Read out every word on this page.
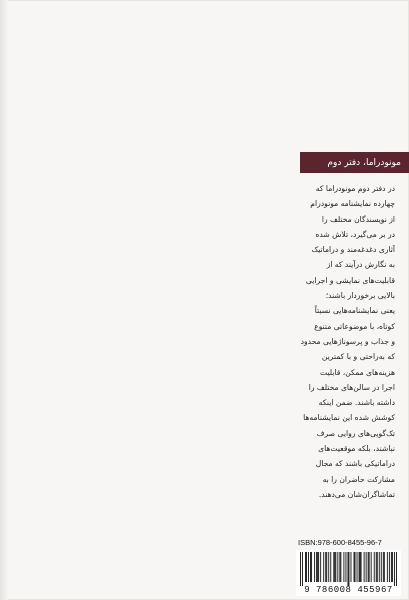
مونودراما، دفتر دوم
در دفتر دوم مونودراما که
چهارده نمایشنامه مونودرام
از نویسندگان مختلف را
در بر می‌گیرد، تلاش شده
آثاری دغدغه‌مند و دراماتیک
به نگارش درآیند که از
قابلیت‌های نمایشی و اجرایی
بالایی برخوردار باشند؛
یعنی نمایشنامه‌هایی نسبتاً
کوتاه، با موضوعاتی متنوع
و جذاب و پرسوناژهایی محدود
که به‌راحتی و با کمترین
هزینه‌های ممکن، قابلیت
اجرا در سالن‌های مختلف را
داشته باشند. ضمن اینکه
کوشش شده این نمایشنامه‌ها
تک‌گویی‌های روایی صرف
نباشند، بلکه موقعیت‌های
دراماتیکی باشند که مجال
مشارکت حاضران را به
تماشاگران‌شان می‌دهند.
ISBN:978-600-8455-96-7
9 786008 455967
